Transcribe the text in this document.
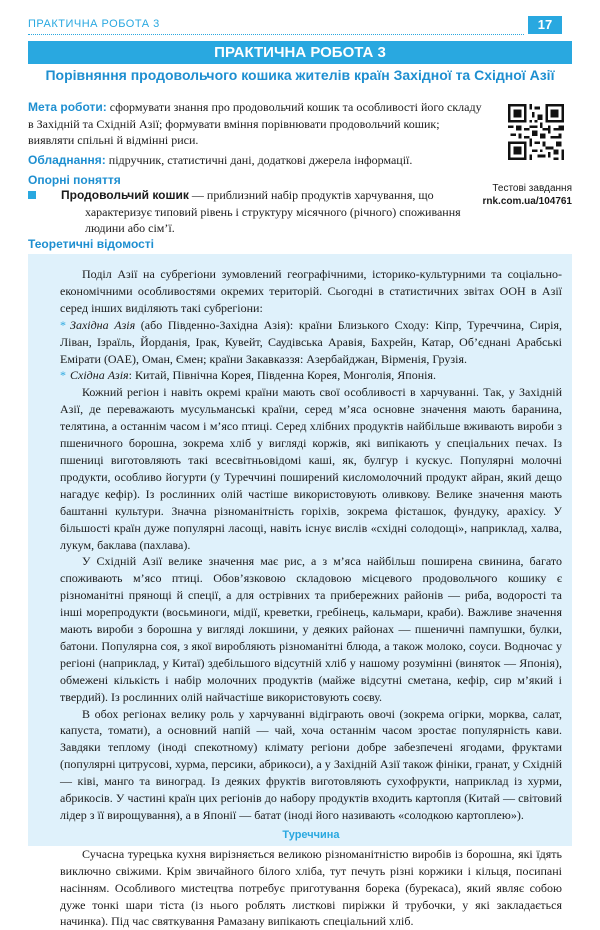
ПРАКТИЧНА РОБОТА 3	17
ПРАКТИЧНА РОБОТА 3
Порівняння продовольчого кошика жителів країн Західної та Східної Азії
Мета роботи: сформувати знання про продовольчий кошик та особливості його складу в Західній та Східній Азії; формувати вміння порівнювати продовольчий кошик; виявляти спільні й відмінні риси.
Обладнання: підручник, статистичні дані, додаткові джерела інформації.
Опорні поняття
Продовольчий кошик — приблизний набір продуктів харчування, що характеризує типовий рівень і структуру місячного (річного) споживання людини або сім’ї.
Тестові завдання
rnk.com.ua/104761
Теоретичні відомості

Поділ Азії на субрегіони зумовлений географічними, історико-культурними та соціально-економічними особливостями окремих територій. Сьогодні в статистичних звітах ООН в Азії серед інших виділяють такі субрегіони:

* Західна Азія (або Південно-Західна Азія): країни Близького Сходу: Кіпр, Туреччина, Сирія, Ліван, Ізраїль, Йорданія, Ірак, Кувейт, Саудівська Аравія, Бахрейн, Катар, Об’єднані Арабські Емірати (ОАЕ), Оман, Ємен; країни Закавказзя: Азербайджан, Вірменія, Грузія.

* Східна Азія: Китай, Північна Корея, Південна Корея, Монголія, Японія.

Кожний регіон і навіть окремі країни мають свої особливості в харчуванні. Так, у Західній Азії, де переважають мусульманські країни, серед м’яса основне значення мають баранина, телятина, а останнім часом і м’ясо птиці. Серед хлібних продуктів найбільше вживають вироби з пшеничного борошна, зокрема хліб у вигляді коржів, які випікають у спеціальних печах. Із пшениці виготовляють такі всесвітньовідомі каші, як, булгур і кускус. Популярні молочні продукти, особливо йогурти (у Туреччині поширений кисломолочний продукт айран, який дещо нагадує кефір). Із рослинних олій частіше використовують оливкову. Велике значення мають баштанні культури. Значна різноманітність горіхів, зокрема фісташок, фундуку, арахісу. У більшості країн дуже популярні ласощі, навіть існує вислів «східні солодощі», наприклад, халва, лукум, баклава (пахлава).

У Східній Азії велике значення має рис, а з м’яса найбільш поширена свинина, багато споживають м’ясо птиці. Обов’язковою складовою місцевого продовольчого кошику є різноманітні прянощі й спеції, а для острівних та прибережних районів — риба, водорості та інші морепродукти (восьминоги, мідії, креветки, гребінець, кальмари, краби). Важливе значення мають вироби з борошна у вигляді локшини, у деяких районах — пшеничні пампушки, булки, батони. Популярна соя, з якої виробляють різноманітні блюда, а також молоко, соуси. Водночас у регіоні (наприклад, у Китаї) здебільшого відсутній хліб у нашому розумінні (виняток — Японія), обмежені кількість і набір молочних продуктів (майже відсутні сметана, кефір, сир м’який і твердий). Із рослинних олій найчастіше використовують соєву.

В обох регіонах велику роль у харчуванні відіграють овочі (зокрема огірки, морква, салат, капуста, томати), а основний напій — чай, хоча останнім часом зростає популярність кави. Завдяки теплому (іноді спекотному) клімату регіони добре забезпечені ягодами, фруктами (популярні цитрусові, хурма, персики, абрикоси), а у Західній Азії також фініки, гранат, у Східній — ківі, манго та виноград. Із деяких фруктів виготовляють сухофрукти, наприклад із хурми, абрикосів. У частині країн цих регіонів до набору продуктів входить картопля (Китай — світовий лідер з її вирощування), а в Японії — батат (іноді його називають «солодкою картоплею»).

Туреччина

Сучасна турецька кухня вирізняється великою різноманітністю виробів із борошна, які їдять виключно свіжими. Крім звичайного білого хліба, тут печуть різні коржики і кільця, посипані насінням. Особливого мистецтва потребує приготування борека (бурекаса), який являє собою дуже тонкі шари тіста (із нього роблять листкові пиріжки й трубочки, у які закладається начинка). Під час святкування Рамазану випікають спеціальний хліб.
